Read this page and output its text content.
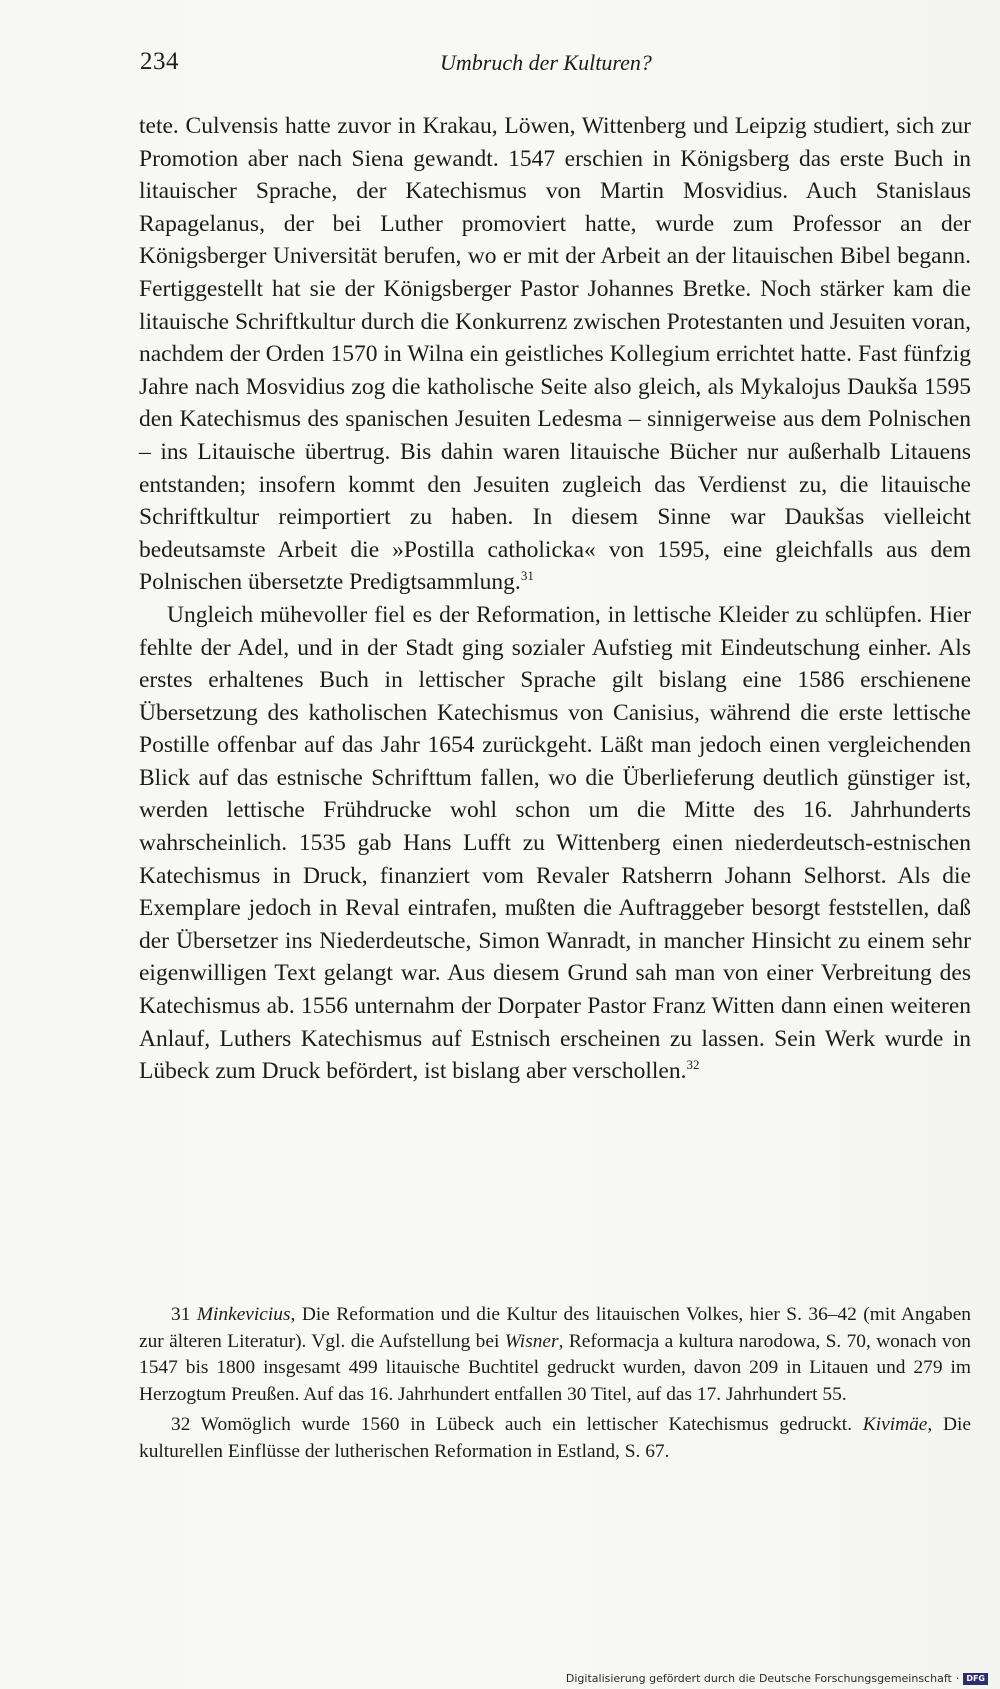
234	Umbruch der Kulturen?

tete. Culvensis hatte zuvor in Krakau, Löwen, Wittenberg und Leipzig studiert, sich zur Promotion aber nach Siena gewandt. 1547 erschien in Königsberg das erste Buch in litauischer Sprache, der Katechismus von Martin Mosvidius. Auch Stanislaus Rapagelanus, der bei Luther promoviert hatte, wurde zum Professor an der Königsberger Universität berufen, wo er mit der Arbeit an der litauischen Bibel begann. Fertiggestellt hat sie der Königsberger Pastor Johannes Bretke. Noch stärker kam die litauische Schriftkultur durch die Konkurrenz zwischen Protestanten und Jesuiten voran, nachdem der Orden 1570 in Wilna ein geistliches Kollegium errichtet hatte. Fast fünfzig Jahre nach Mosvidius zog die katholische Seite also gleich, als Mykalojus Daukša 1595 den Katechismus des spanischen Jesuiten Ledesma – sinnigerweise aus dem Polnischen – ins Litauische übertrug. Bis dahin waren litauische Bücher nur außerhalb Litauens entstanden; insofern kommt den Jesuiten zugleich das Verdienst zu, die litauische Schriftkultur reimportiert zu haben. In diesem Sinne war Daukšas vielleicht bedeutsamste Arbeit die »Postilla catholicka« von 1595, eine gleichfalls aus dem Polnischen übersetzte Predigtsammlung.$^{31}$

Ungleich mühevoller fiel es der Reformation, in lettische Kleider zu schlüpfen. Hier fehlte der Adel, und in der Stadt ging sozialer Aufstieg mit Eindeutschung einher. Als erstes erhaltenes Buch in lettischer Sprache gilt bislang eine 1586 erschienene Übersetzung des katholischen Katechismus von Canisius, während die erste lettische Postille offenbar auf das Jahr 1654 zurückgeht. Läßt man jedoch einen vergleichenden Blick auf das estnische Schrifttum fallen, wo die Überlieferung deutlich günstiger ist, werden lettische Frühdrucke wohl schon um die Mitte des 16. Jahrhunderts wahrscheinlich. 1535 gab Hans Lufft zu Wittenberg einen niederdeutsch-estnischen Katechismus in Druck, finanziert vom Revaler Ratsherrn Johann Selhorst. Als die Exemplare jedoch in Reval eintrafen, mußten die Auftraggeber besorgt feststellen, daß der Übersetzer ins Niederdeutsche, Simon Wanradt, in mancher Hinsicht zu einem sehr eigenwilligen Text gelangt war. Aus diesem Grund sah man von einer Verbreitung des Katechismus ab. 1556 unternahm der Dorpater Pastor Franz Witten dann einen weiteren Anlauf, Luthers Katechismus auf Estnisch erscheinen zu lassen. Sein Werk wurde in Lübeck zum Druck befördert, ist bislang aber verschollen.$^{32}$

31 Minkevicius, Die Reformation und die Kultur des litauischen Volkes, hier S. 36–42 (mit Angaben zur älteren Literatur). Vgl. die Aufstellung bei Wisner, Reformacja a kultura narodowa, S. 70, wonach von 1547 bis 1800 insgesamt 499 litauische Buchtitel gedruckt wurden, davon 209 in Litauen und 279 im Herzogtum Preußen. Auf das 16. Jahrhundert entfallen 30 Titel, auf das 17. Jahrhundert 55.

32 Womöglich wurde 1560 in Lübeck auch ein lettischer Katechismus gedruckt. Kivimäe, Die kulturellen Einflüsse der lutherischen Reformation in Estland, S. 67.

Digitalisierung gefördert durch die Deutsche Forschungsgemeinschaft · DFG
